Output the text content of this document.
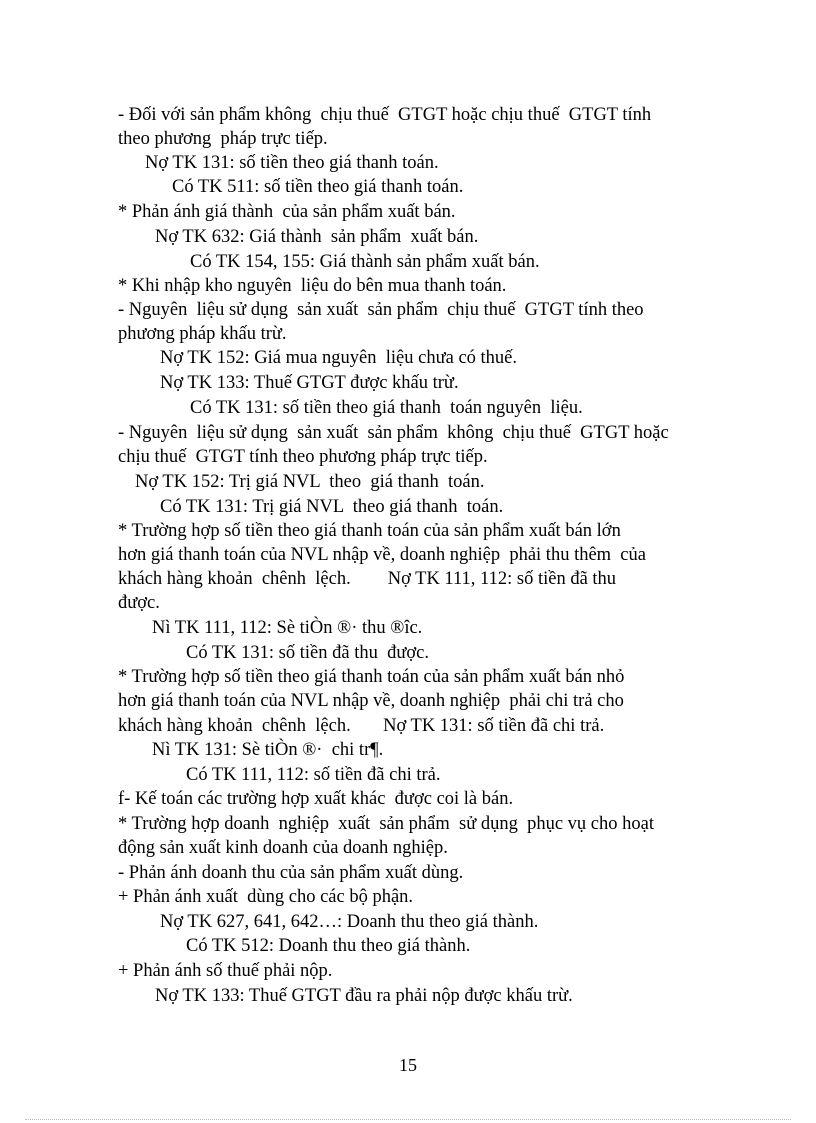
- Đối với sản phẩm không  chịu thuế  GTGT hoặc chịu thuế  GTGT tính
theo phương  pháp trực tiếp.
Nợ TK 131: số tiền theo giá thanh toán.
Có TK 511: số tiền theo giá thanh toán.
* Phản ánh giá thành  của sản phẩm xuất bán.
Nợ TK 632: Giá thành  sản phẩm  xuất bán.
Có TK 154, 155: Giá thành sản phẩm xuất bán.
* Khi nhập kho nguyên  liệu do bên mua thanh toán.
- Nguyên  liệu sử dụng  sản xuất  sản phẩm  chịu thuế  GTGT tính theo
phương pháp khấu trừ.
Nợ TK 152: Giá mua nguyên  liệu chưa có thuế.
Nợ TK 133: Thuế GTGT được khấu trừ.
Có TK 131: số tiền theo giá thanh  toán nguyên  liệu.
- Nguyên  liệu sử dụng  sản xuất  sản phẩm  không  chịu thuế  GTGT hoặc
chịu thuế  GTGT tính theo phương pháp trực tiếp.
Nợ TK 152: Trị giá NVL  theo  giá thanh  toán.
Có TK 131: Trị giá NVL  theo giá thanh  toán.
* Trường hợp số tiền theo giá thanh toán của sản phẩm xuất bán lớn
hơn giá thanh toán của NVL nhập về, doanh nghiệp  phải thu thêm  của
khách hàng khoản  chênh  lệch.        Nợ TK 111, 112: số tiền đã thu
được.
Nì TK 111, 112: Sè tiÒn ®· thu ®îc.
Có TK 131: số tiền đã thu  được.
* Trường hợp số tiền theo giá thanh toán của sản phẩm xuất bán nhỏ
hơn giá thanh toán của NVL nhập về, doanh nghiệp  phải chi trả cho
khách hàng khoản  chênh  lệch.       Nợ TK 131: số tiền đã chi trả.
Nì TK 131: Sè tiÒn ®·  chi tr¶.
Có TK 111, 112: số tiền đã chi trả.
f- Kế toán các trường hợp xuất khác  được coi là bán.
* Trường hợp doanh  nghiệp  xuất  sản phẩm  sử dụng  phục vụ cho hoạt
động sản xuất kinh doanh của doanh nghiệp.
- Phản ánh doanh thu của sản phẩm xuất dùng.
+ Phản ánh xuất  dùng cho các bộ phận.
Nợ TK 627, 641, 642…: Doanh thu theo giá thành.
Có TK 512: Doanh thu theo giá thành.
+ Phản ánh số thuế phải nộp.
Nợ TK 133: Thuế GTGT đầu ra phải nộp được khấu trừ.
15
